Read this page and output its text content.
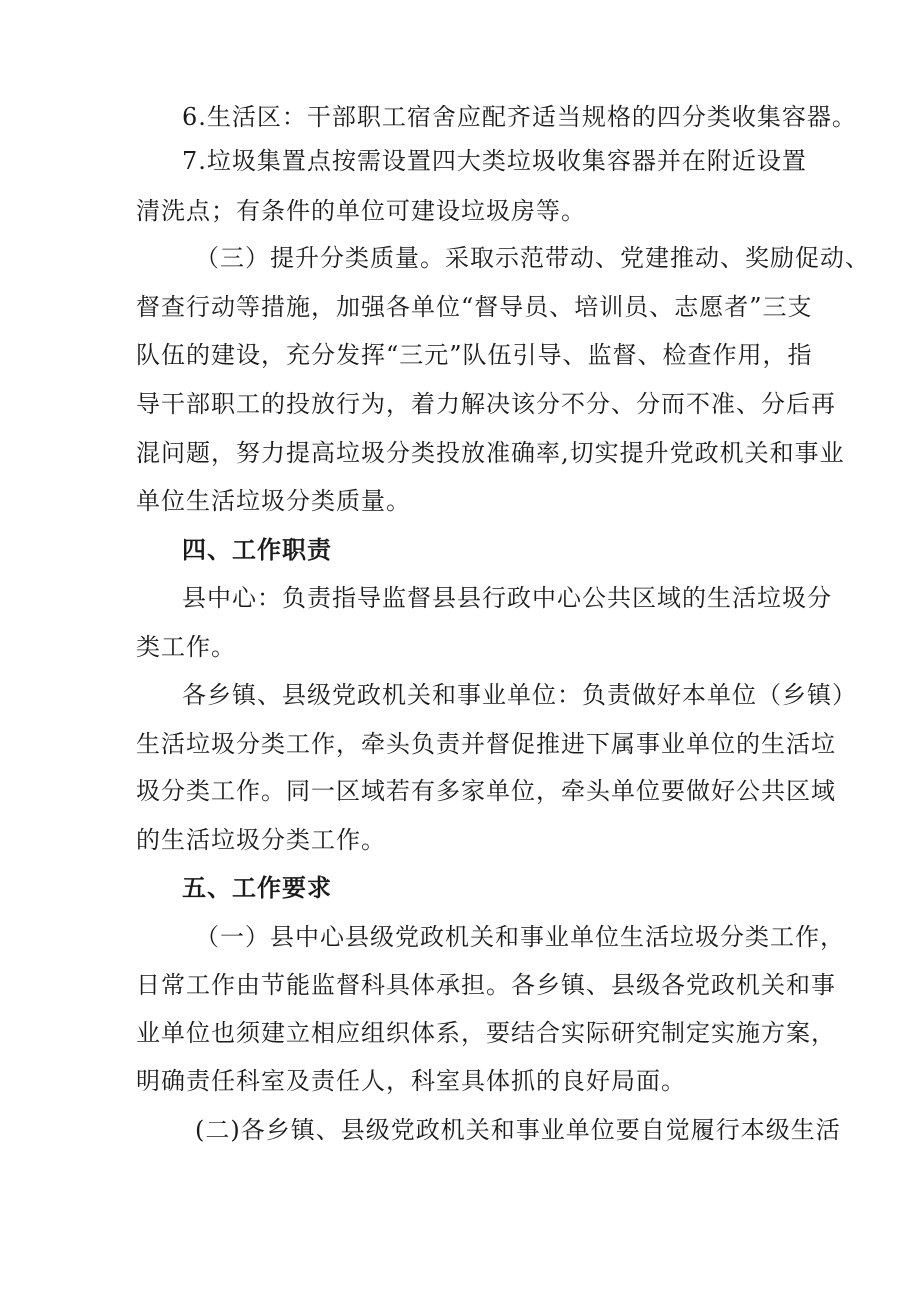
6.生活区：干部职工宿舍应配齐适当规格的四分类收集容器。
7.垃圾集置点按需设置四大类垃圾收集容器并在附近设置
清洗点；有条件的单位可建设垃圾房等。
（三）提升分类质量。采取示范带动、党建推动、奖励促动、
督查行动等措施，加强各单位“督导员、培训员、志愿者”三支
队伍的建设，充分发挥“三元”队伍引导、监督、检查作用，指
导干部职工的投放行为，着力解决该分不分、分而不准、分后再
混问题，努力提高垃圾分类投放准确率,切实提升党政机关和事业
单位生活垃圾分类质量。
四、工作职责
县中心：负责指导监督县县行政中心公共区域的生活垃圾分
类工作。
各乡镇、县级党政机关和事业单位：负责做好本单位（乡镇）
生活垃圾分类工作，牵头负责并督促推进下属事业单位的生活垃
圾分类工作。同一区域若有多家单位，牵头单位要做好公共区域
的生活垃圾分类工作。
五、工作要求
（一）县中心县级党政机关和事业单位生活垃圾分类工作，
日常工作由节能监督科具体承担。各乡镇、县级各党政机关和事
业单位也须建立相应组织体系，要结合实际研究制定实施方案，
明确责任科室及责任人，科室具体抓的良好局面。
(二)各乡镇、县级党政机关和事业单位要自觉履行本级生活
